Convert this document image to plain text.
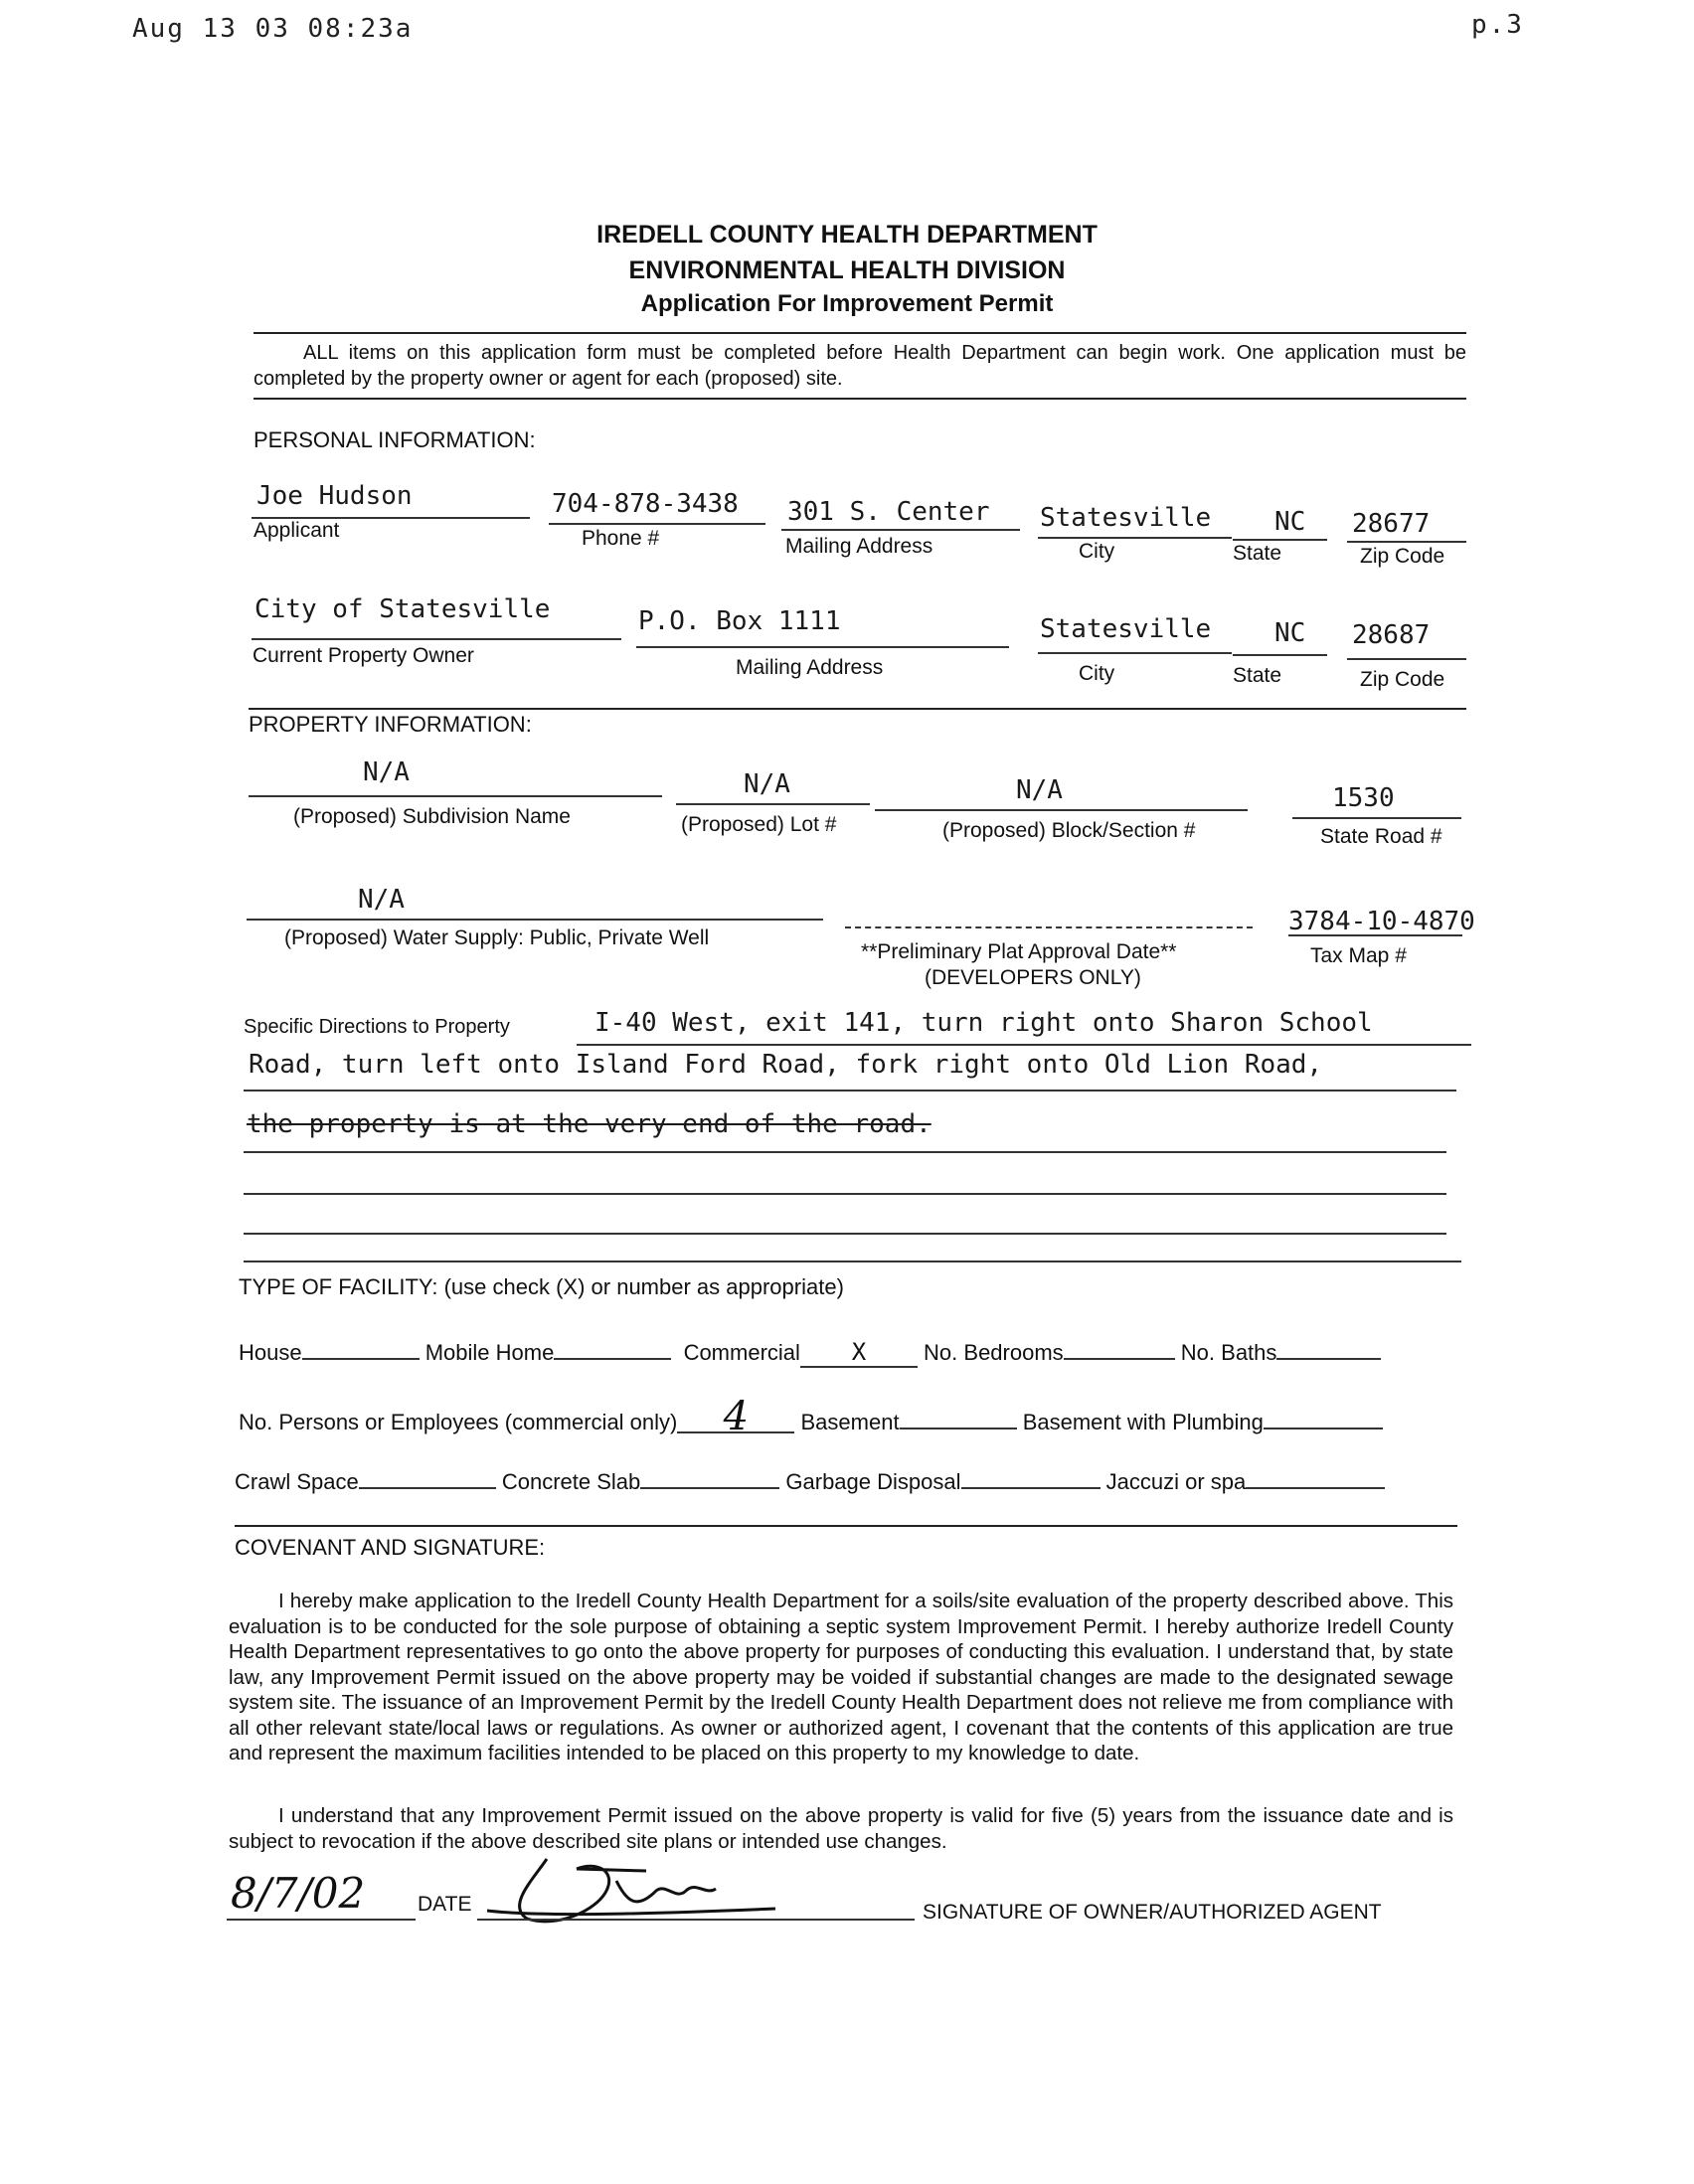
Aug 13 03 08:23a	p.3
IREDELL COUNTY HEALTH DEPARTMENT
ENVIRONMENTAL HEALTH DIVISION
Application For Improvement Permit
ALL items on this application form must be completed before Health Department can begin work. One application must be completed by the property owner or agent for each (proposed) site.
PERSONAL INFORMATION:
Joe Hudson
Applicant
704-878-3438
Phone #
301 S. Center
Mailing Address
Statesville
City
NC
State
28677
Zip Code
City of Statesville
Current Property Owner
P.O. Box 1111
Mailing Address
Statesville
City
NC
State
28687
Zip Code
PROPERTY INFORMATION:
N/A
(Proposed) Subdivision Name
N/A
(Proposed) Lot #
N/A
(Proposed) Block/Section #
1530
State Road #
N/A
(Proposed) Water Supply: Public, Private Well
**Preliminary Plat Approval Date**
(DEVELOPERS ONLY)
3784-10-4870
Tax Map #
Specific Directions to Property	I-40 West, exit 141, turn right onto Sharon School
Road, turn left onto Island Ford Road, fork right onto Old Lion Road,
the property is at the very end of the road.
TYPE OF FACILITY: (use check (X) or number as appropriate)
House	Mobile Home	Commercial X	No. Bedrooms	No. Baths
No. Persons or Employees (commercial only) 4 Basement	Basement with Plumbing
Crawl Space	Concrete Slab	Garbage Disposal	Jaccuzi or spa
COVENANT AND SIGNATURE:
I hereby make application to the Iredell County Health Department for a soils/site evaluation of the property described above. This evaluation is to be conducted for the sole purpose of obtaining a septic system Improvement Permit. I hereby authorize Iredell County Health Department representatives to go onto the above property for purposes of conducting this evaluation. I understand that, by state law, any Improvement Permit issued on the above property may be voided if substantial changes are made to the designated sewage system site. The issuance of an Improvement Permit by the Iredell County Health Department does not relieve me from compliance with all other relevant state/local laws or regulations. As owner or authorized agent, I covenant that the contents of this application are true and represent the maximum facilities intended to be placed on this property to my knowledge to date.
I understand that any Improvement Permit issued on the above property is valid for five (5) years from the issuance date and is subject to revocation if the above described site plans or intended use changes.
8/7/02	DATE	SIGNATURE OF OWNER/AUTHORIZED AGENT
